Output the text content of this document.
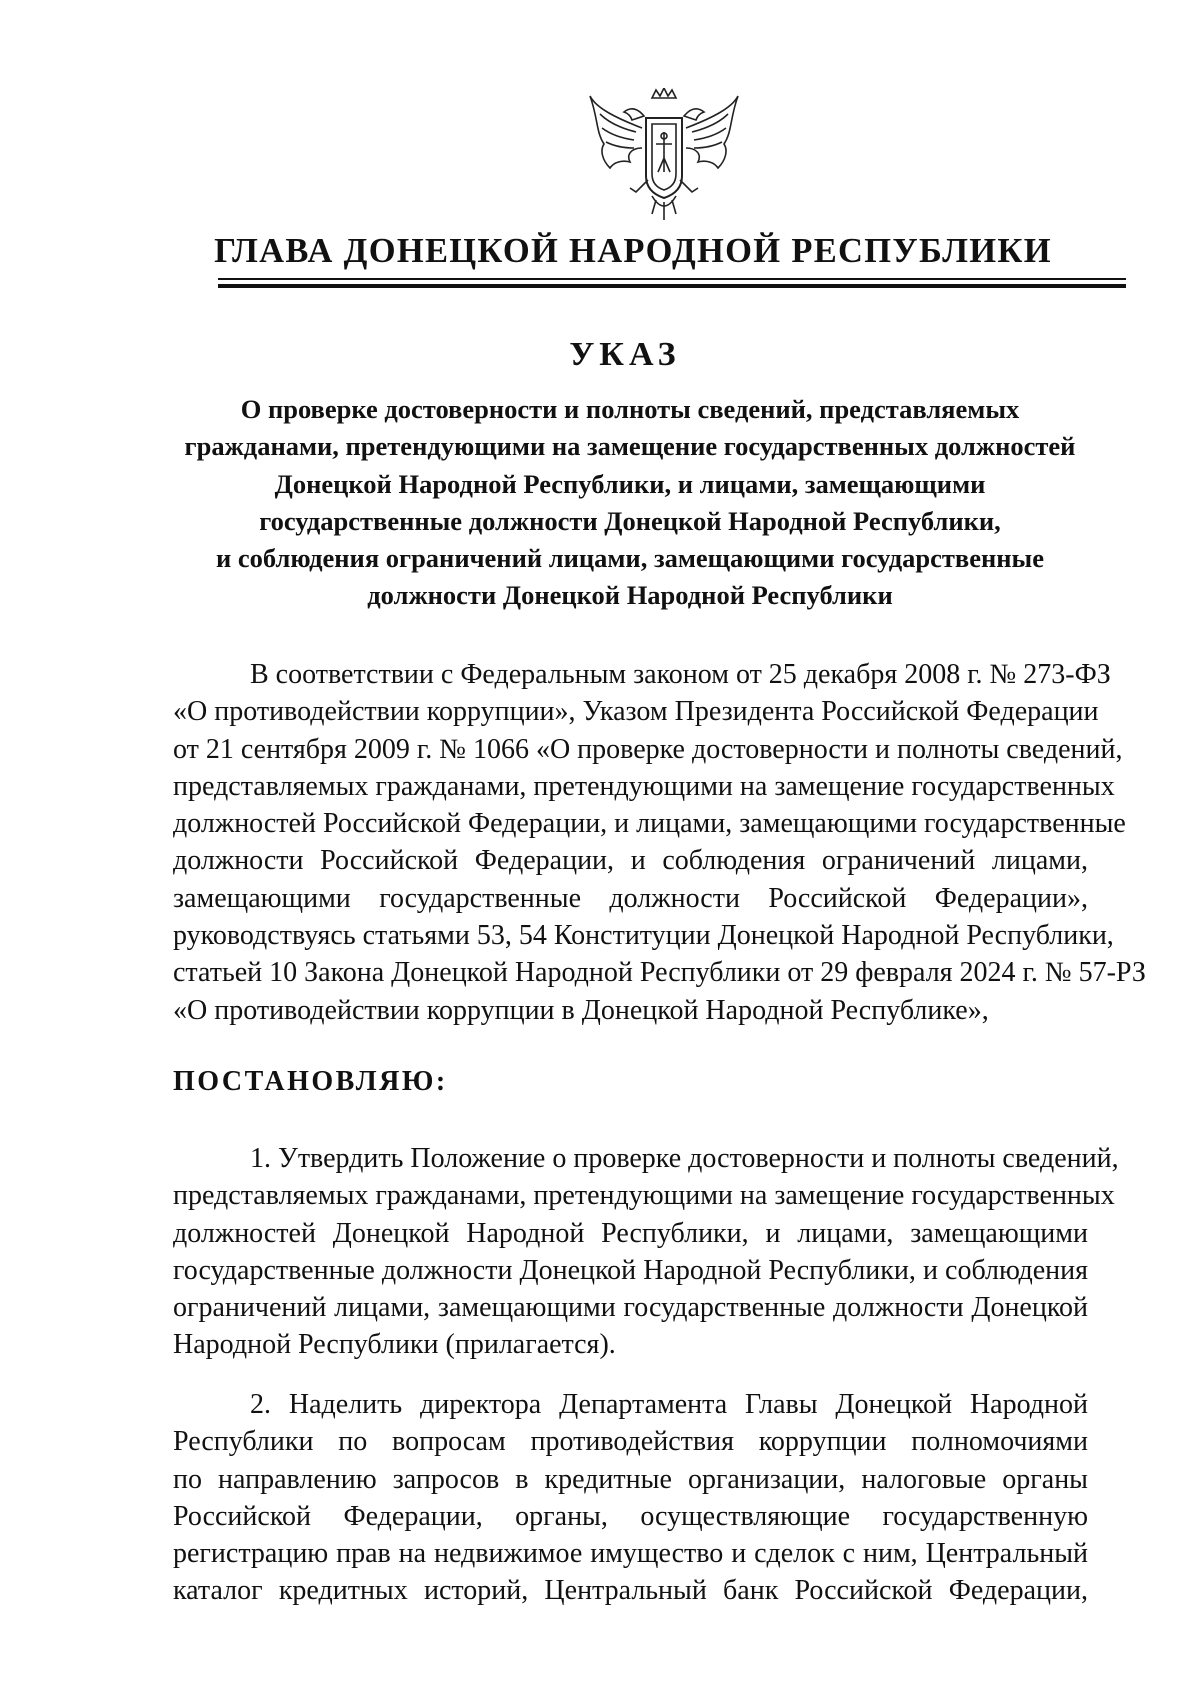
ГЛАВА ДОНЕЦКОЙ НАРОДНОЙ РЕСПУБЛИКИ
УКАЗ
О проверке достоверности и полноты сведений, представляемых
гражданами, претендующими на замещение государственных должностей
Донецкой Народной Республики, и лицами, замещающими
государственные должности Донецкой Народной Республики,
и соблюдения ограничений лицами, замещающими государственные
должности Донецкой Народной Республики
В соответствии с Федеральным законом от 25 декабря 2008 г. № 273-ФЗ
«О противодействии коррупции», Указом Президента Российской Федерации
от 21 сентября 2009 г. № 1066 «О проверке достоверности и полноты сведений,
представляемых гражданами, претендующими на замещение государственных
должностей Российской Федерации, и лицами, замещающими государственные
должности Российской Федерации, и соблюдения ограничений лицами,
замещающими государственные должности Российской Федерации»,
руководствуясь статьями 53, 54 Конституции Донецкой Народной Республики,
статьей 10 Закона Донецкой Народной Республики от 29 февраля 2024 г. № 57-РЗ
«О противодействии коррупции в Донецкой Народной Республике»,
ПОСТАНОВЛЯЮ:
1. Утвердить Положение о проверке достоверности и полноты сведений,
представляемых гражданами, претендующими на замещение государственных
должностей Донецкой Народной Республики, и лицами, замещающими
государственные должности Донецкой Народной Республики, и соблюдения
ограничений лицами, замещающими государственные должности Донецкой
Народной Республики (прилагается).
2. Наделить директора Департамента Главы Донецкой Народной
Республики по вопросам противодействия коррупции полномочиями
по направлению запросов в кредитные организации, налоговые органы
Российской Федерации, органы, осуществляющие государственную
регистрацию прав на недвижимое имущество и сделок с ним, Центральный
каталог кредитных историй, Центральный банк Российской Федерации,
